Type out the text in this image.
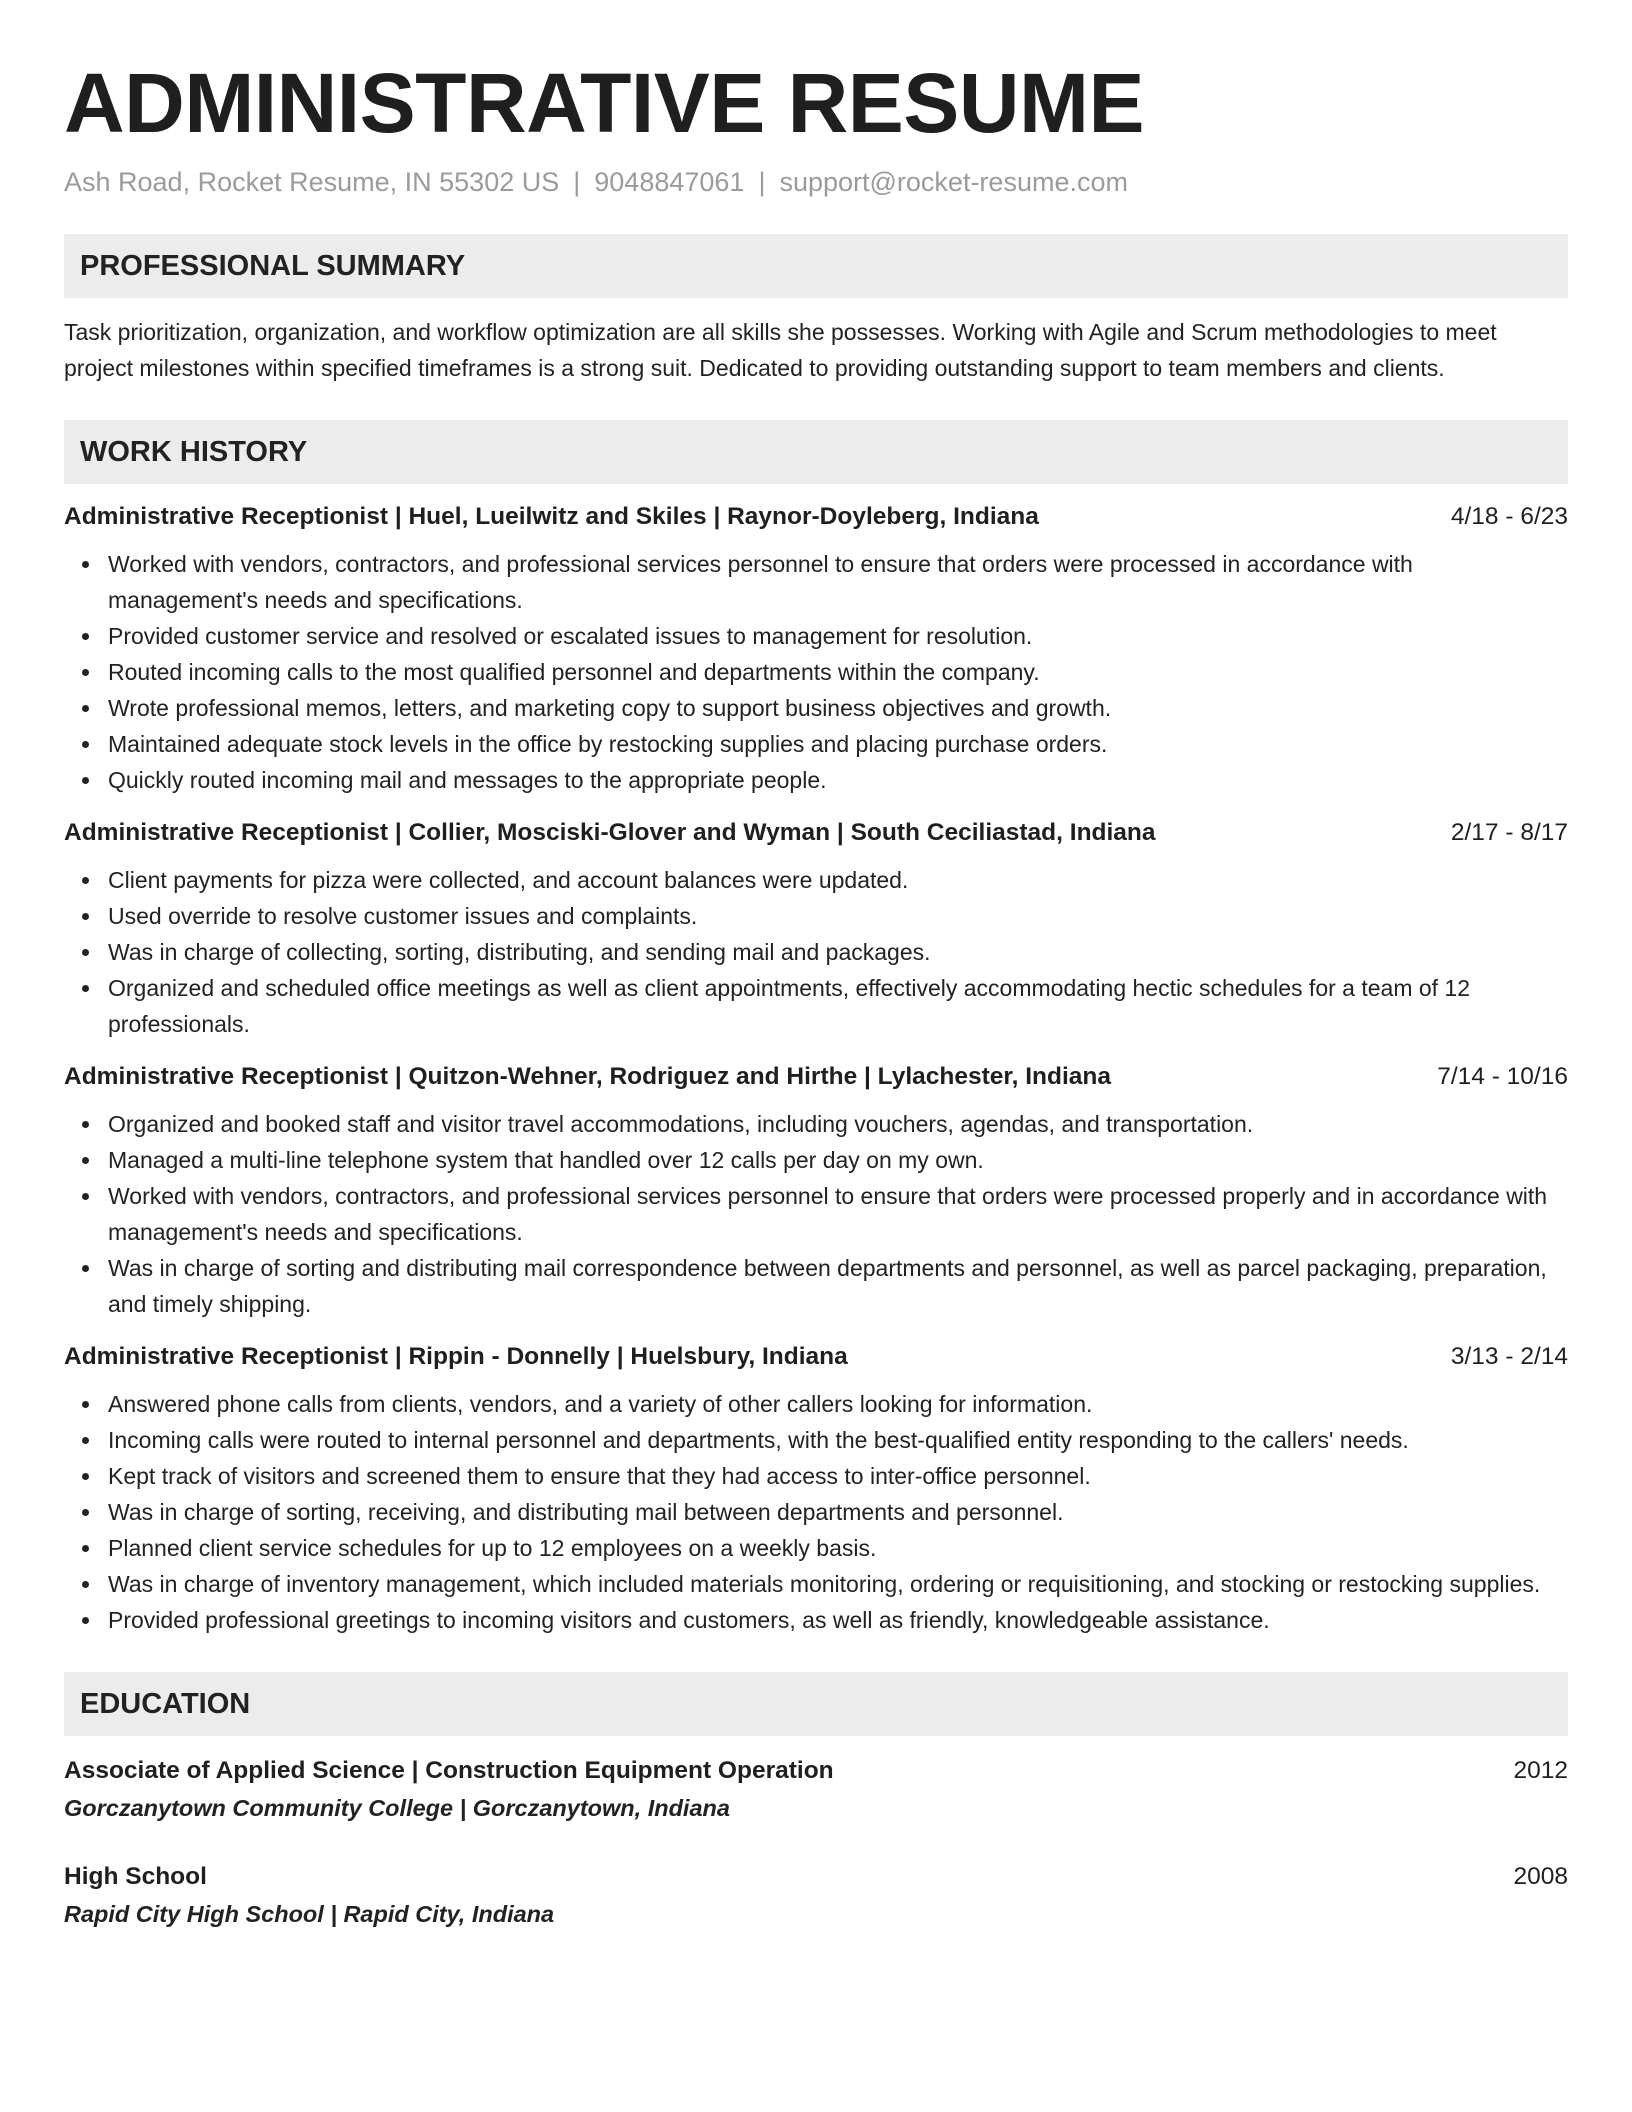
ADMINISTRATIVE RESUME
Ash Road, Rocket Resume, IN 55302 US | 9048847061 | support@rocket-resume.com
PROFESSIONAL SUMMARY
Task prioritization, organization, and workflow optimization are all skills she possesses. Working with Agile and Scrum methodologies to meet project milestones within specified timeframes is a strong suit. Dedicated to providing outstanding support to team members and clients.
WORK HISTORY
Administrative Receptionist | Huel, Lueilwitz and Skiles | Raynor-Doyleberg, Indiana	4/18 - 6/23
Worked with vendors, contractors, and professional services personnel to ensure that orders were processed in accordance with management's needs and specifications.
Provided customer service and resolved or escalated issues to management for resolution.
Routed incoming calls to the most qualified personnel and departments within the company.
Wrote professional memos, letters, and marketing copy to support business objectives and growth.
Maintained adequate stock levels in the office by restocking supplies and placing purchase orders.
Quickly routed incoming mail and messages to the appropriate people.
Administrative Receptionist | Collier, Mosciski-Glover and Wyman | South Ceciliastad, Indiana	2/17 - 8/17
Client payments for pizza were collected, and account balances were updated.
Used override to resolve customer issues and complaints.
Was in charge of collecting, sorting, distributing, and sending mail and packages.
Organized and scheduled office meetings as well as client appointments, effectively accommodating hectic schedules for a team of 12 professionals.
Administrative Receptionist | Quitzon-Wehner, Rodriguez and Hirthe | Lylachester, Indiana	7/14 - 10/16
Organized and booked staff and visitor travel accommodations, including vouchers, agendas, and transportation.
Managed a multi-line telephone system that handled over 12 calls per day on my own.
Worked with vendors, contractors, and professional services personnel to ensure that orders were processed properly and in accordance with management's needs and specifications.
Was in charge of sorting and distributing mail correspondence between departments and personnel, as well as parcel packaging, preparation, and timely shipping.
Administrative Receptionist | Rippin - Donnelly | Huelsbury, Indiana	3/13 - 2/14
Answered phone calls from clients, vendors, and a variety of other callers looking for information.
Incoming calls were routed to internal personnel and departments, with the best-qualified entity responding to the callers' needs.
Kept track of visitors and screened them to ensure that they had access to inter-office personnel.
Was in charge of sorting, receiving, and distributing mail between departments and personnel.
Planned client service schedules for up to 12 employees on a weekly basis.
Was in charge of inventory management, which included materials monitoring, ordering or requisitioning, and stocking or restocking supplies.
Provided professional greetings to incoming visitors and customers, as well as friendly, knowledgeable assistance.
EDUCATION
Associate of Applied Science | Construction Equipment Operation	2012
Gorczanytown Community College | Gorczanytown, Indiana
High School	2008
Rapid City High School | Rapid City, Indiana
